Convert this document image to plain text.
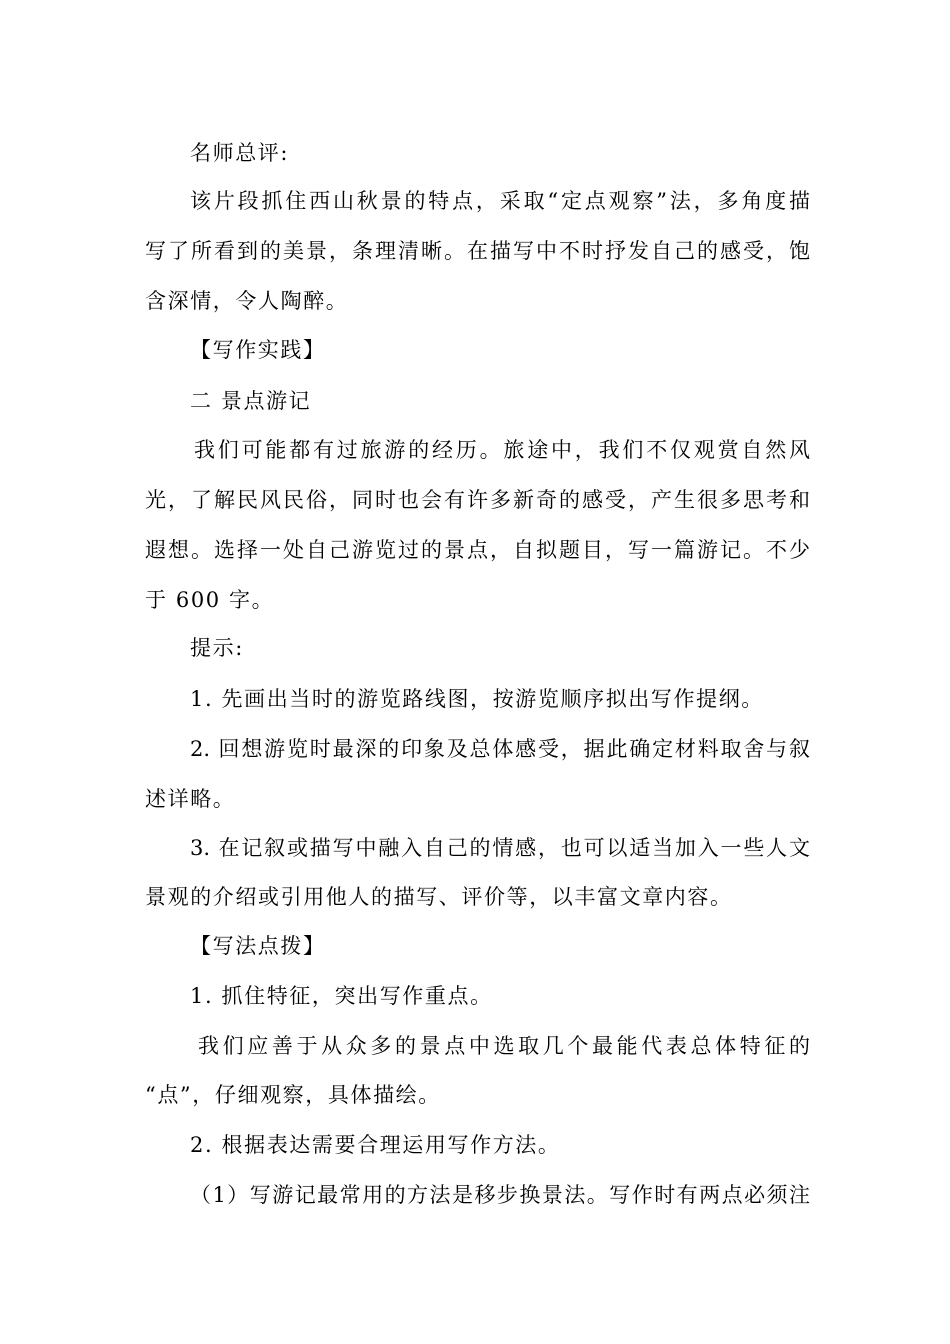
名师总评:
该片段抓住西山秋景的特点，采取“定点观察”法，多角度描
写了所看到的美景，条理清晰。在描写中不时抒发自己的感受，饱
含深情，令人陶醉。
【写作实践】
二 景点游记
我们可能都有过旅游的经历。旅途中，我们不仅观赏自然风
光，了解民风民俗，同时也会有许多新奇的感受，产生很多思考和
遐想。选择一处自己游览过的景点，自拟题目，写一篇游记。不少
于 600 字。
提示:
1. 先画出当时的游览路线图，按游览顺序拟出写作提纲。
2. 回想游览时最深的印象及总体感受，据此确定材料取舍与叙
述详略。
3. 在记叙或描写中融入自己的情感，也可以适当加入一些人文
景观的介绍或引用他人的描写、评价等，以丰富文章内容。
【写法点拨】
1. 抓住特征，突出写作重点。
我们应善于从众多的景点中选取几个最能代表总体特征的
“点”，仔细观察，具体描绘。
2. 根据表达需要合理运用写作方法。
（1）写游记最常用的方法是移步换景法。写作时有两点必须注
